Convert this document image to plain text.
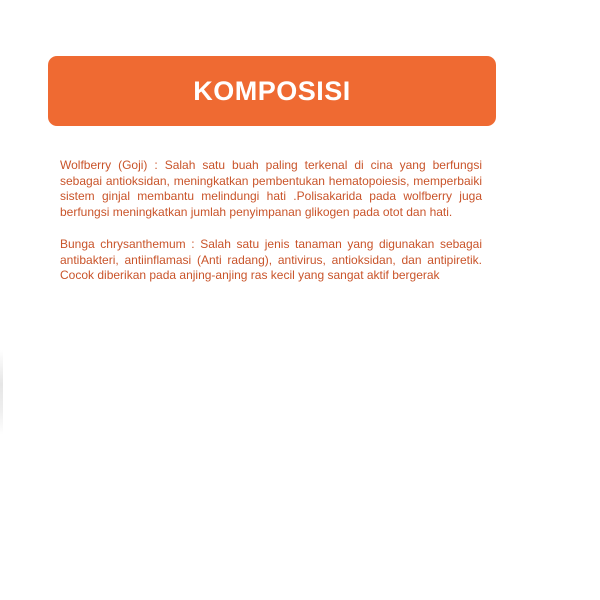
KOMPOSISI

Wolfberry (Goji) : Salah satu buah paling terkenal di cina yang berfungsi sebagai antioksidan, meningkatkan pembentukan hematopoiesis, memperbaiki sistem ginjal membantu melindungi hati .Polisakarida pada wolfberry juga berfungsi meningkatkan jumlah penyimpanan glikogen pada otot dan hati.

Bunga chrysanthemum : Salah satu jenis tanaman yang digunakan sebagai antibakteri, antiinflamasi (Anti radang), antivirus, antioksidan, dan antipiretik. Cocok diberikan pada anjing-anjing ras kecil yang sangat aktif bergerak
